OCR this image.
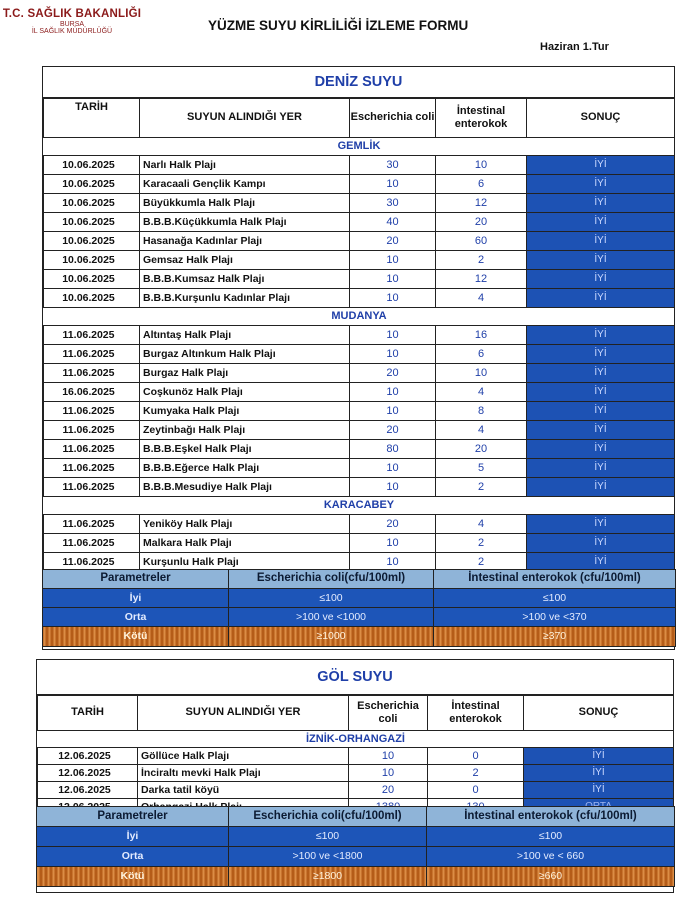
T.C. SAĞLIK BAKANLIĞI
BURSA
İL SAĞLIK MÜDÜRLÜĞÜ	YÜZME SUYU KİRLİLİĞİ İZLEME FORMU
Haziran 1.Tur
DENİZ SUYU
TARİH	SUYUN ALINDIĞI YER	Escherichia coli	İntestinal enterokok	SONUÇ
GEMLİK				
10.06.2025	Narlı Halk Plajı	30	10	İYİ
10.06.2025	Karacaali Gençlik Kampı	10	6	İYİ
10.06.2025	Büyükkumla Halk Plajı	30	12	İYİ
10.06.2025	B.B.B.Küçükkumla Halk Plajı	40	20	İYİ
10.06.2025	Hasanağa Kadınlar Plajı	20	60	İYİ
10.06.2025	Gemsaz Halk Plajı	10	2	İYİ
10.06.2025	B.B.B.Kumsaz Halk Plajı	10	12	İYİ
10.06.2025	B.B.B.Kurşunlu Kadınlar Plajı	10	4	İYİ
MUDANYA				
11.06.2025	Altıntaş Halk Plajı	10	16	İYİ
11.06.2025	Burgaz Altınkum Halk Plajı	10	6	İYİ
11.06.2025	Burgaz Halk Plajı	20	10	İYİ
16.06.2025	Coşkunöz Halk Plajı	10	4	İYİ
11.06.2025	Kumyaka Halk Plajı	10	8	İYİ
11.06.2025	Zeytinbağı Halk Plajı	20	4	İYİ
11.06.2025	B.B.B.Eşkel Halk Plajı	80	20	İYİ
11.06.2025	B.B.B.Eğerce Halk Plajı	10	5	İYİ
11.06.2025	B.B.B.Mesudiye Halk Plajı	10	2	İYİ
KARACABEY				
11.06.2025	Yeniköy Halk Plajı	20	4	İYİ
11.06.2025	Malkara Halk Plajı	10	2	İYİ
11.06.2025	Kurşunlu Halk Plajı	10	2	İYİ
Parametreler	Escherichia coli(cfu/100ml)	İntestinal enterokok (cfu/100ml)
İyi	≤100	≤100
Orta	>100 ve <1000	>100 ve <370
Kötü	≥1000	≥370
GÖL SUYU
TARİH	SUYUN ALINDIĞI YER	Escherichia coli	İntestinal enterokok	SONUÇ
İZNİK-ORHANGAZİ				
12.06.2025	Göllüce Halk Plajı	10	0	İYİ
12.06.2025	İnciraltı mevki Halk Plajı	10	2	İYİ
12.06.2025	Darka tatil köyü	20	0	İYİ

Parametreler	Escherichia coli(cfu/100ml)	İntestinal enterokok (cfu/100ml)
İyi	≤100	≤100
Orta	>100 ve <1800	>100 ve < 660
Kötü	≥1800	≥660
